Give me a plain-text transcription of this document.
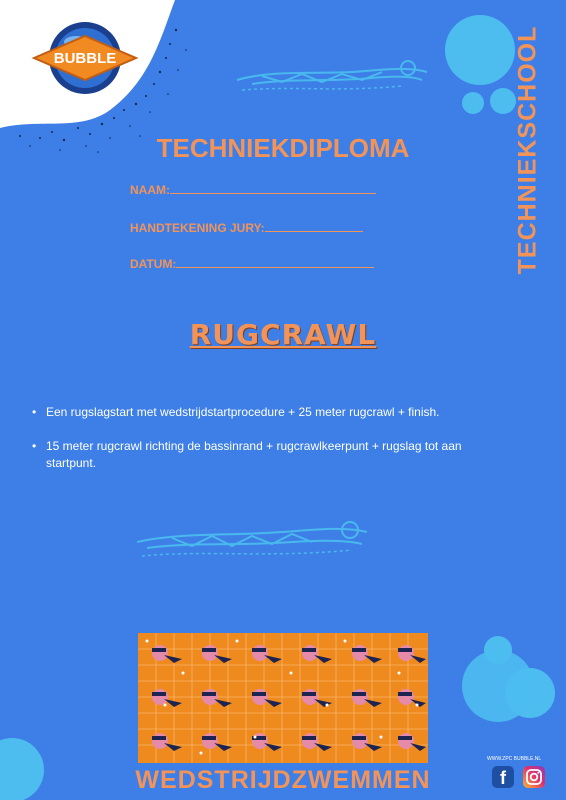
BUBBLE	TECHNIEKSCHOOL
TECHNIEKDIPLOMA
NAAM:
HANDTEKENING JURY:
DATUM:
RUGCRAWL
• Een rugslagstart met wedstrijdstartprocedure + 25 meter rugcrawl + finish.
• 15 meter rugcrawl richting de bassinrand + rugcrawlkeerpunt + rugslag tot aan startpunt.
WEDSTRIJDZWEMMEN
WWW.ZPC BUBBLE.NL
f
